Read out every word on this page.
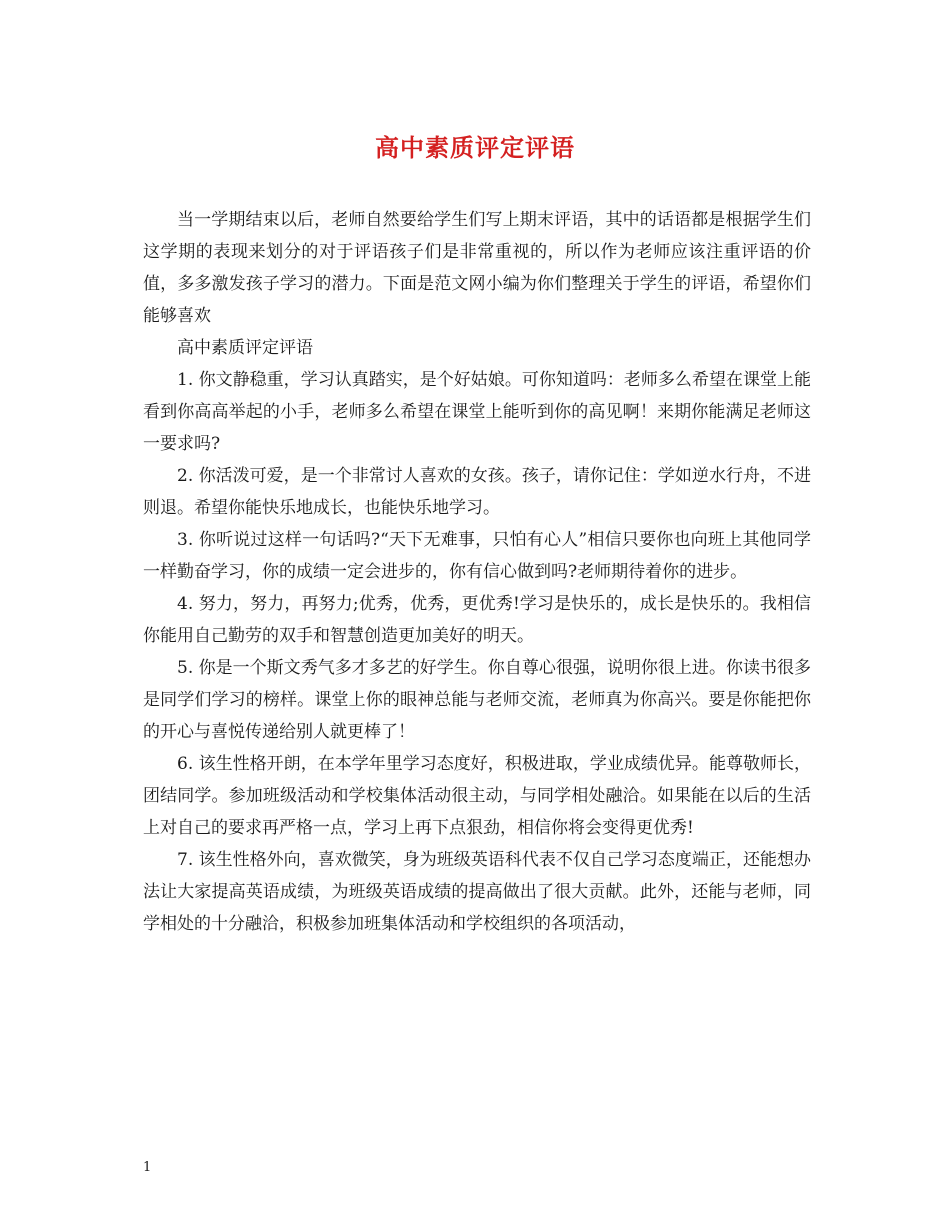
高中素质评定评语

当一学期结束以后，老师自然要给学生们写上期末评语，其中的话语都是根据学生们这学期的表现来划分的对于评语孩子们是非常重视的，所以作为老师应该注重评语的价值，多多激发孩子学习的潜力。下面是范文网小编为你们整理关于学生的评语，希望你们能够喜欢

高中素质评定评语

1. 你文静稳重，学习认真踏实，是个好姑娘。可你知道吗：老师多么希望在课堂上能看到你高高举起的小手，老师多么希望在课堂上能听到你的高见啊！来期你能满足老师这一要求吗?

2. 你活泼可爱，是一个非常讨人喜欢的女孩。孩子，请你记住：学如逆水行舟，不进则退。希望你能快乐地成长，也能快乐地学习。

3. 你听说过这样一句话吗?“天下无难事，只怕有心人”相信只要你也向班上其他同学一样勤奋学习，你的成绩一定会进步的，你有信心做到吗?老师期待着你的进步。

4. 努力，努力，再努力;优秀，优秀，更优秀!学习是快乐的，成长是快乐的。我相信你能用自己勤劳的双手和智慧创造更加美好的明天。

5. 你是一个斯文秀气多才多艺的好学生。你自尊心很强，说明你很上进。你读书很多是同学们学习的榜样。课堂上你的眼神总能与老师交流，老师真为你高兴。要是你能把你的开心与喜悦传递给别人就更棒了！

6. 该生性格开朗，在本学年里学习态度好，积极进取，学业成绩优异。能尊敬师长，团结同学。参加班级活动和学校集体活动很主动，与同学相处融洽。如果能在以后的生活上对自己的要求再严格一点，学习上再下点狠劲，相信你将会变得更优秀!

7. 该生性格外向，喜欢微笑，身为班级英语科代表不仅自己学习态度端正，还能想办法让大家提高英语成绩，为班级英语成绩的提高做出了很大贡献。此外，还能与老师，同学相处的十分融洽，积极参加班集体活动和学校组织的各项活动，

1
